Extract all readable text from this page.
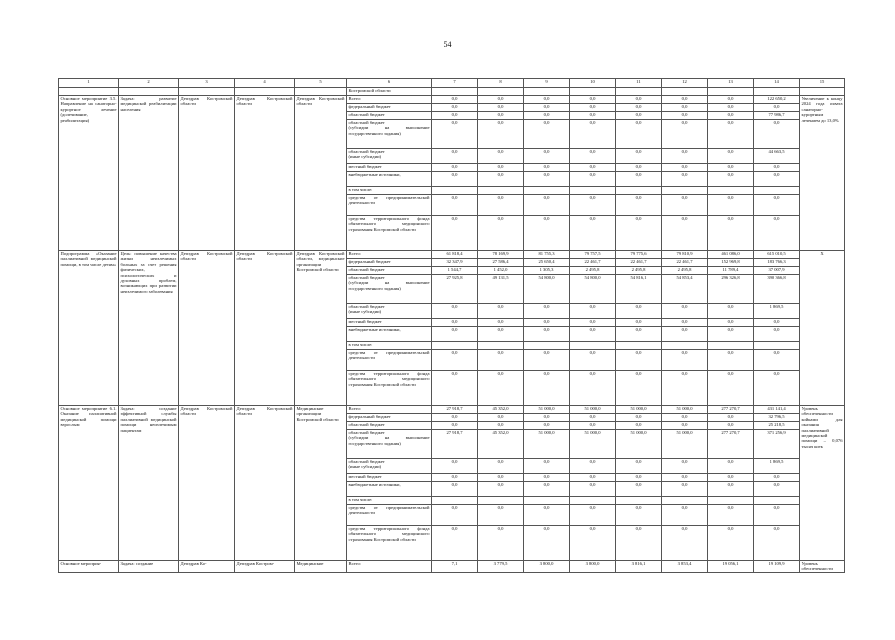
54
1	2	3	4	5	6	7	8	9	10	11	12	13	14	15
					Костромской области									
Основное мероприятие 3.5. Направление на санаторно-курортное лечение (долечивание, реабилитация)	Задача: развитие медицинской реабилитации населения	Депздрав Костромской области	Депздрав Костромской области	Депздрав Костромской области	Всего:	0,0	0,0	0,0	0,0	0,0	0,0	0,0	122 650,2	Увеличение к концу 2024 года охвата санаторно-курортным лечением до 13,0%
					федеральный бюджет	0,0	0,0	0,0	0,0	0,0	0,0	0,0	0,0	
					областной бюджет	0,0	0,0	0,0	0,0	0,0	0,0	0,0	77 986,7	
					областной бюджет
(субсидии на выполнение государственного задания)	0,0	0,0	0,0	0,0	0,0	0,0	0,0	0,0	
					областной бюджет
(иные субсидии)	0,0	0,0	0,0	0,0	0,0	0,0	0,0	44 663,5	
					местный бюджет	0,0	0,0	0,0	0,0	0,0	0,0	0,0	0,0	
					внебюджетные источники,	0,0	0,0	0,0	0,0	0,0	0,0	0,0	0,0	
					в том числе:									
					средства от предпринимательской деятельности	0,0	0,0	0,0	0,0	0,0	0,0	0,0	0,0	
					средства территориального фонда обязательного медицинского страхования Костромской области	0,0	0,0	0,0	0,0	0,0	0,0	0,0	0,0	
Подпрограмма «Оказание паллиативной медицинской помощи, в том числе детям»	Цель: повышение качества жизни неизлечимых больных за счет решения физических, психологических и духовных проблем, возникающих при развитии неизлечимого заболевания	Депздрав Костромской области	Депздрав Костромской области	Депздрав Костромской области, медицинские организации Костромской области	Всего:	61 818,4	78 169,9	81 755,3	79 757,5	79 775,6	79 810,9	461 086,0	615 010,5	Х
					федеральный бюджет	32 347,9	27 586,4	25 650,4	22 461,7	22 461,7	22 461,7	152 969,8	183 766,3	
					областной бюджет	1 544,7	1 452,0	1 305,3	2 495,8	2 495,8	2 495,8	11 789,4	37 007,9	
					областной бюджет
(субсидии на выполнение государственного задания)	27 925,8	49 131,5	54 800,0	54 800,0	54 816,1	54 853,4	296 326,8	390 366,8	
					областной бюджет
(иные субсидии)	0,0	0,0	0,0	0,0	0,0	0,0	0,0	1 869,5	
					местный бюджет	0,0	0,0	0,0	0,0	0,0	0,0	0,0	0,0	
					внебюджетные источники,	0,0	0,0	0,0	0,0	0,0	0,0	0,0	0,0	
					в том числе:									
					средства от предпринимательской деятельности	0,0	0,0	0,0	0,0	0,0	0,0	0,0	0,0	
					средства территориального фонда обязательного медицинского страхования Костромской области	0,0	0,0	0,0	0,0	0,0	0,0	0,0	0,0	
Основное мероприятие 6.1. Оказание паллиативной медицинской помощи взрослым	Задача: создание эффективной службы паллиативной медицинской помощи неизлечимым пациентам	Депздрав Костромской области	Депздрав Костромской области	Медицинские организации Костромской области	Всего:	27 918,7	45 352,0	51 000,0	51 000,0	51 000,0	51 000,0	277 270,7	431 141,4	Уровень обеспеченности койками для оказания паллиативной медицинской помощи – 0,076 тысяч коек
					федеральный бюджет	0,0	0,0	0,0	0,0	0,0	0,0	0,0	32 796,5	
					областной бюджет	0,0	0,0	0,0	0,0	0,0	0,0	0,0	25 218,5	
					областной бюджет
(субсидии на выполнение государственного задания)	27 918,7	45 352,0	51 000,0	51 000,0	51 000,0	51 000,0	277 270,7	371 256,9	
					областной бюджет
(иные субсидии)	0,0	0,0	0,0	0,0	0,0	0,0	0,0	1 869,5	
					местный бюджет	0,0	0,0	0,0	0,0	0,0	0,0	0,0	0,0	
					внебюджетные источники,	0,0	0,0	0,0	0,0	0,0	0,0	0,0	0,0	
					в том числе:									
					средства от предпринимательской деятельности	0,0	0,0	0,0	0,0	0,0	0,0	0,0	0,0	
					средства территориального фонда обязательного медицинского страхования Костромской области	0,0	0,0	0,0	0,0	0,0	0,0	0,0	0,0	
Основное мероприя-	Задача: создание	Депздрав Ко-	Депздрав Костром-	Медицинские	Всего:	7,1	3 779,5	3 800,0	3 800,0	3 816,1	3 853,4	19 056,1	19 109,9	Уровень обеспеченности
